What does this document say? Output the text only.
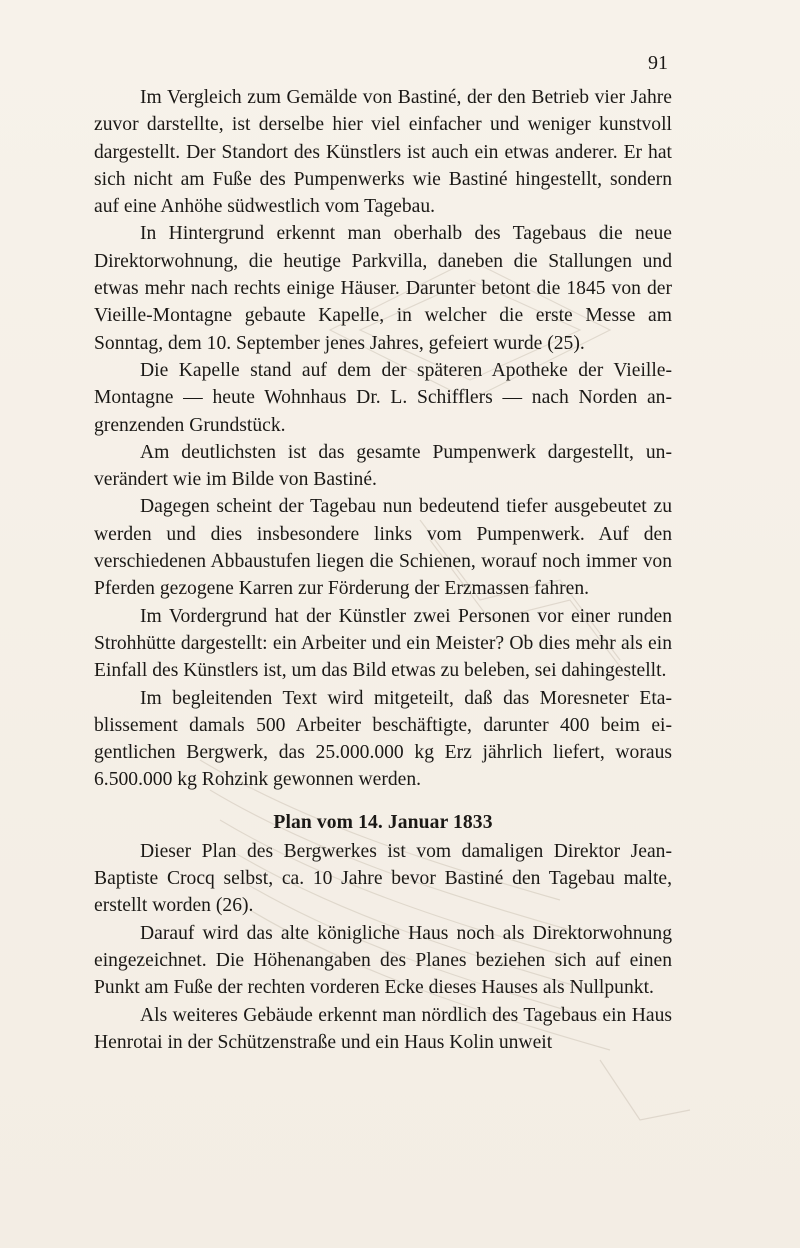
91

Im Vergleich zum Gemälde von Bastiné, der den Betrieb vier Jahre zuvor darstellte, ist derselbe hier viel einfacher und weniger kunstvoll dargestellt. Der Standort des Künstlers ist auch ein etwas anderer. Er hat sich nicht am Fuße des Pumpenwerks wie Bastiné hingestellt, sondern auf eine Anhöhe südwestlich vom Tagebau.

In Hintergrund erkennt man oberhalb des Tagebaus die neue Direktorwohnung, die heutige Parkvilla, daneben die Stallungen und etwas mehr nach rechts einige Häuser. Darunter betont die 1845 von der Vieille-Montagne gebaute Kapelle, in welcher die erste Messe am Sonntag, dem 10. September jenes Jahres, gefeiert wurde (25).

Die Kapelle stand auf dem der späteren Apotheke der Vieille-Montagne — heute Wohnhaus Dr. L. Schifflers — nach Norden angrenzenden Grundstück.

Am deutlichsten ist das gesamte Pumpenwerk dargestellt, unverändert wie im Bilde von Bastiné.

Dagegen scheint der Tagebau nun bedeutend tiefer ausgebeutet zu werden und dies insbesondere links vom Pumpenwerk. Auf den verschiedenen Abbaustufen liegen die Schienen, worauf noch immer von Pferden gezogene Karren zur Förderung der Erzmassen fahren.

Im Vordergrund hat der Künstler zwei Personen vor einer runden Strohhütte dargestellt: ein Arbeiter und ein Meister? Ob dies mehr als ein Einfall des Künstlers ist, um das Bild etwas zu beleben, sei dahingestellt.

Im begleitenden Text wird mitgeteilt, daß das Moresneter Etablissement damals 500 Arbeiter beschäftigte, darunter 400 beim eigentlichen Bergwerk, das 25.000.000 kg Erz jährlich liefert, woraus 6.500.000 kg Rohzink gewonnen werden.

Plan vom 14. Januar 1833

Dieser Plan des Bergwerkes ist vom damaligen Direktor Jean-Baptiste Crocq selbst, ca. 10 Jahre bevor Bastiné den Tagebau malte, erstellt worden (26).

Darauf wird das alte königliche Haus noch als Direktorwohnung eingezeichnet. Die Höhenangaben des Planes beziehen sich auf einen Punkt am Fuße der rechten vorderen Ecke dieses Hauses als Nullpunkt.

Als weiteres Gebäude erkennt man nördlich des Tagebaus ein Haus Henrotai in der Schützenstraße und ein Haus Kolin unweit
